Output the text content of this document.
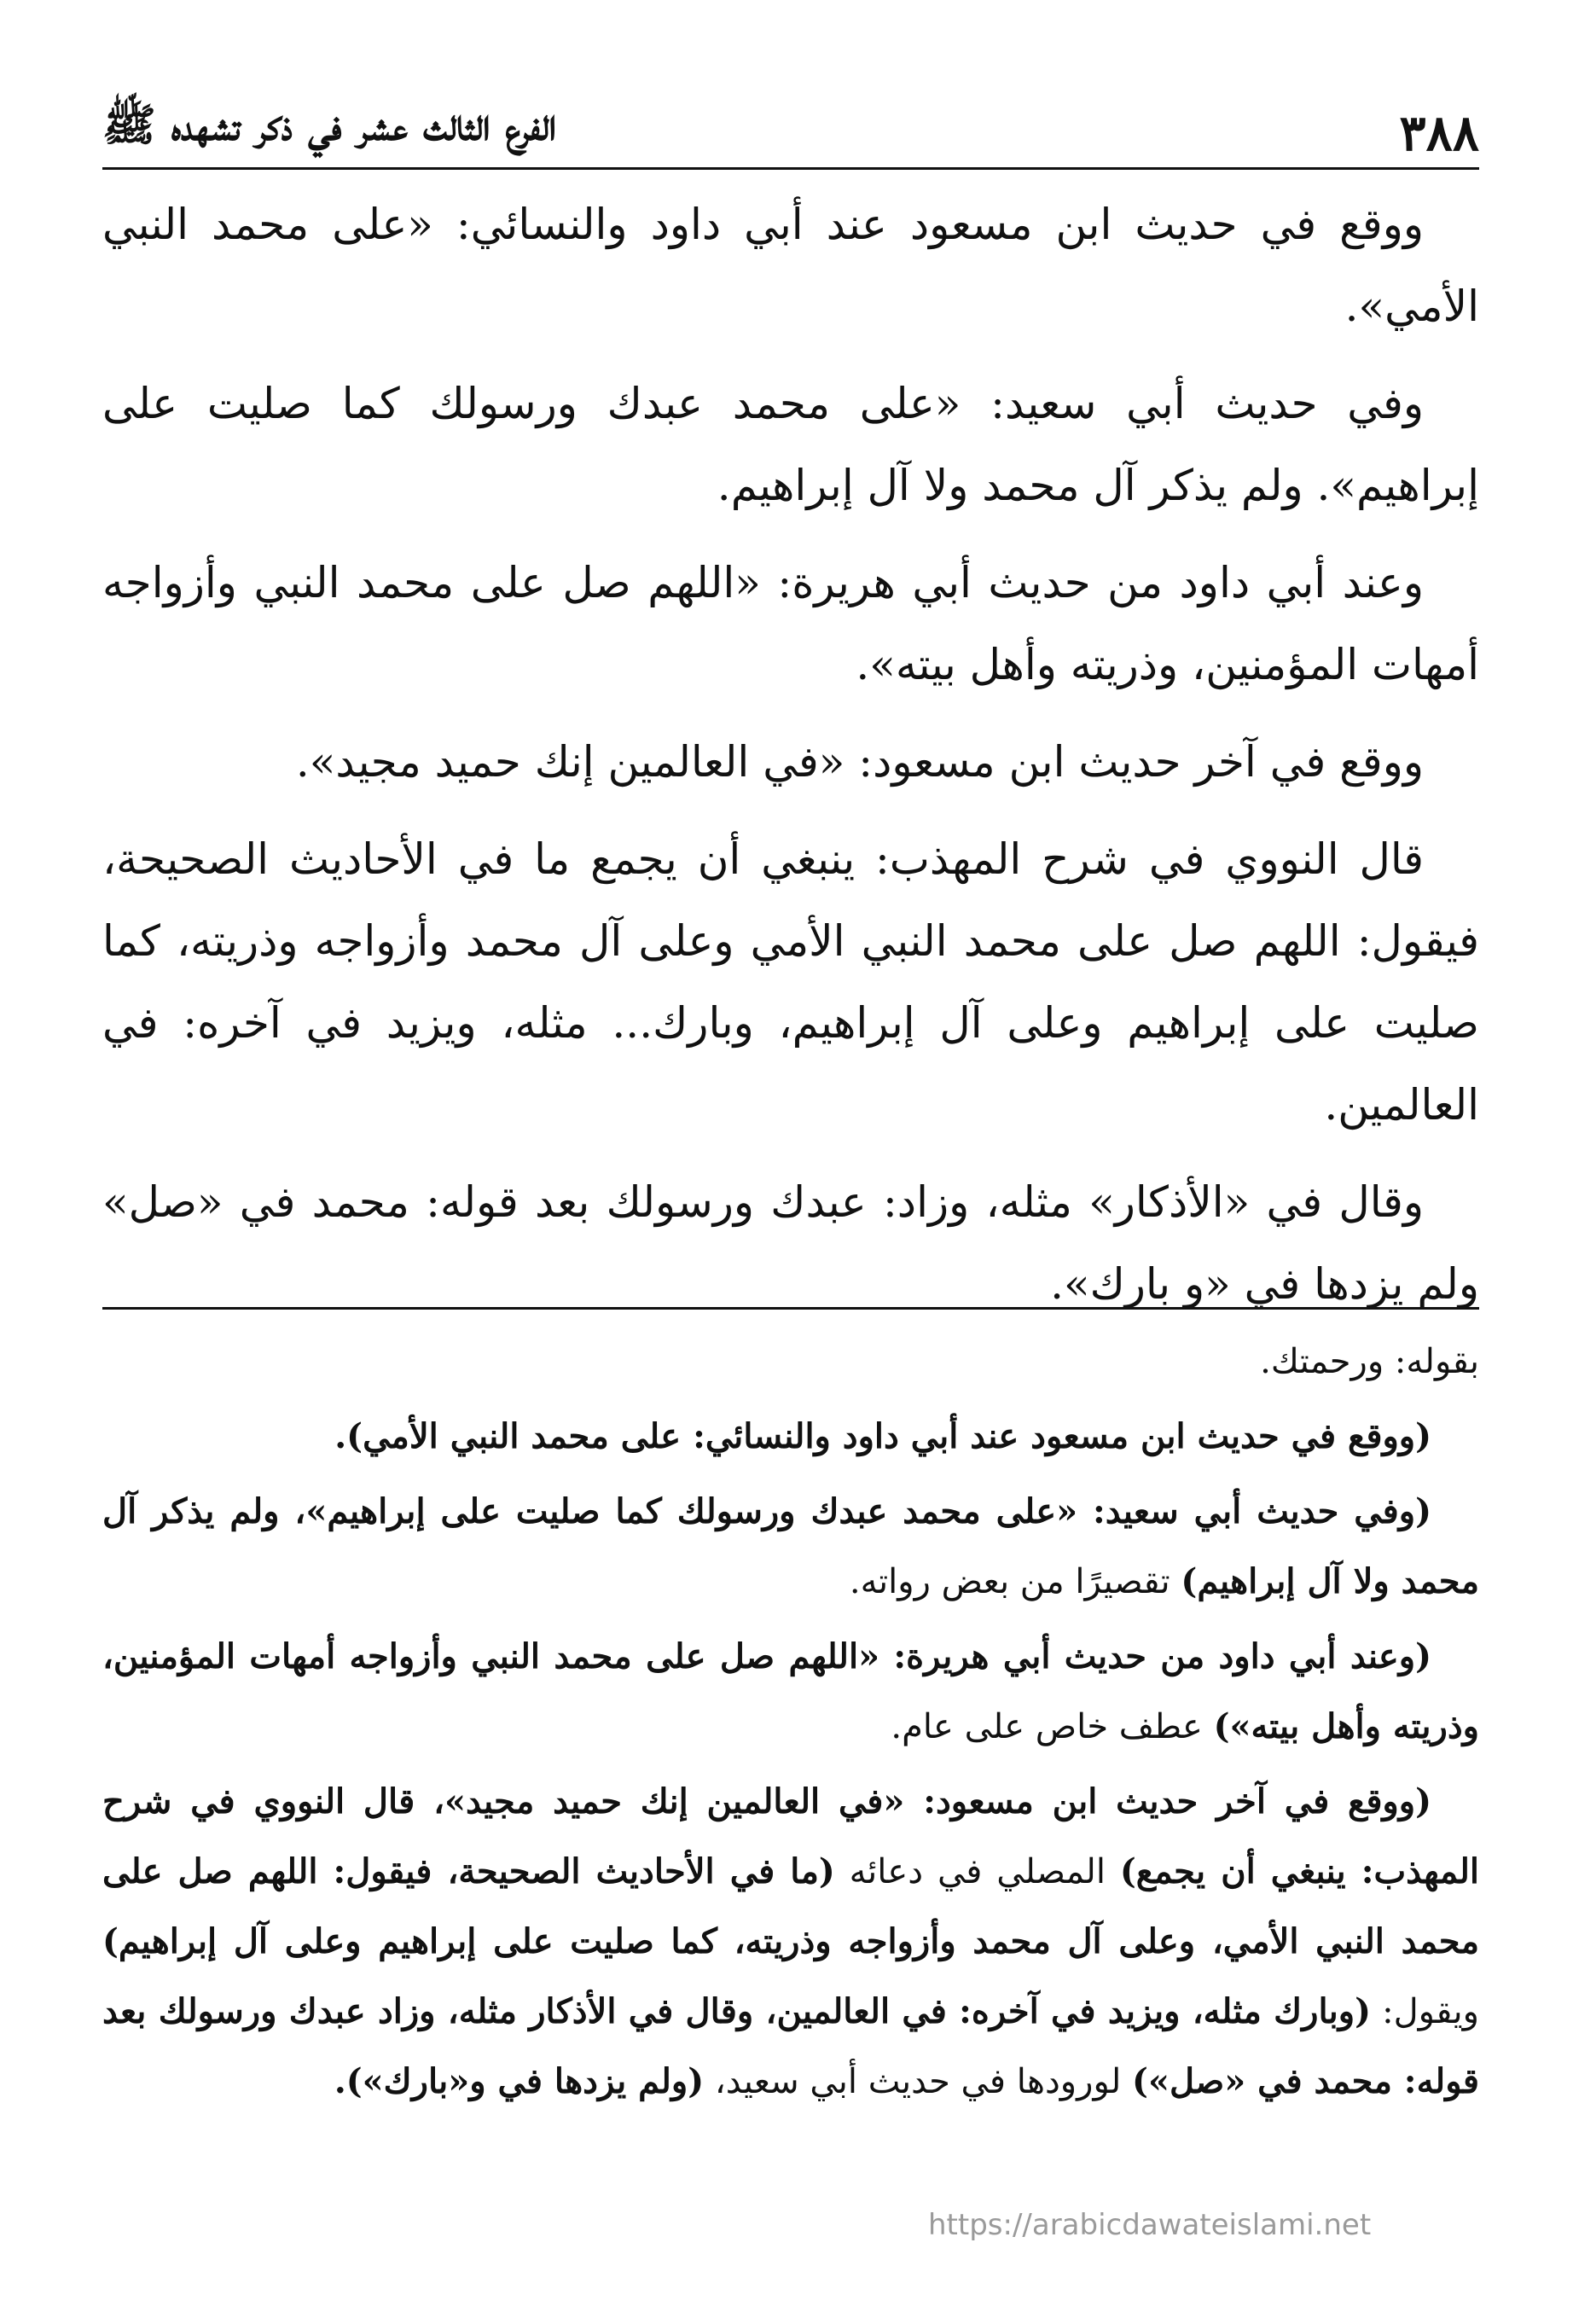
٣٨٨
الفرع الثالث عشر في ذكر تشهده ﷺ

ووقع في حديث ابن مسعود عند أبي داود والنسائي: «على محمد النبي الأمي».

وفي حديث أبي سعيد: «على محمد عبدك ورسولك كما صليت على إبراهيم». ولم يذكر آل محمد ولا آل إبراهيم.

وعند أبي داود من حديث أبي هريرة: «اللهم صل على محمد النبي وأزواجه أمهات المؤمنين، وذريته وأهل بيته».

ووقع في آخر حديث ابن مسعود: «في العالمين إنك حميد مجيد».

قال النووي في شرح المهذب: ينبغي أن يجمع ما في الأحاديث الصحيحة، فيقول: اللهم صل على محمد النبي الأمي وعلى آل محمد وأزواجه وذريته، كما صليت على إبراهيم وعلى آل إبراهيم، وبارك... مثله، ويزيد في آخره: في العالمين.

وقال في «الأذكار» مثله، وزاد: عبدك ورسولك بعد قوله: محمد في «صل» ولم يزدها في «و بارك».

بقوله: ورحمتك.

(ووقع في حديث ابن مسعود عند أبي داود والنسائي: على محمد النبي الأمي).

(وفي حديث أبي سعيد: «على محمد عبدك ورسولك كما صليت على إبراهيم»، ولم يذكر آل محمد ولا آل إبراهيم) تقصيرًا من بعض رواته.

(وعند أبي داود من حديث أبي هريرة: «اللهم صل على محمد النبي وأزواجه أمهات المؤمنين، وذريته وأهل بيته») عطف خاص على عام.

(ووقع في آخر حديث ابن مسعود: «في العالمين إنك حميد مجيد»، قال النووي في شرح المهذب: ينبغي أن يجمع) المصلي في دعائه (ما في الأحاديث الصحيحة، فيقول: اللهم صل على محمد النبي الأمي، وعلى آل محمد وأزواجه وذريته، كما صليت على إبراهيم وعلى آل إبراهيم) ويقول: (وبارك مثله، ويزيد في آخره: في العالمين، وقال في الأذكار مثله، وزاد عبدك ورسولك بعد قوله: محمد في «صل») لورودها في حديث أبي سعيد، (ولم يزدها في و«بارك»).

https://arabicdawateislami.net
